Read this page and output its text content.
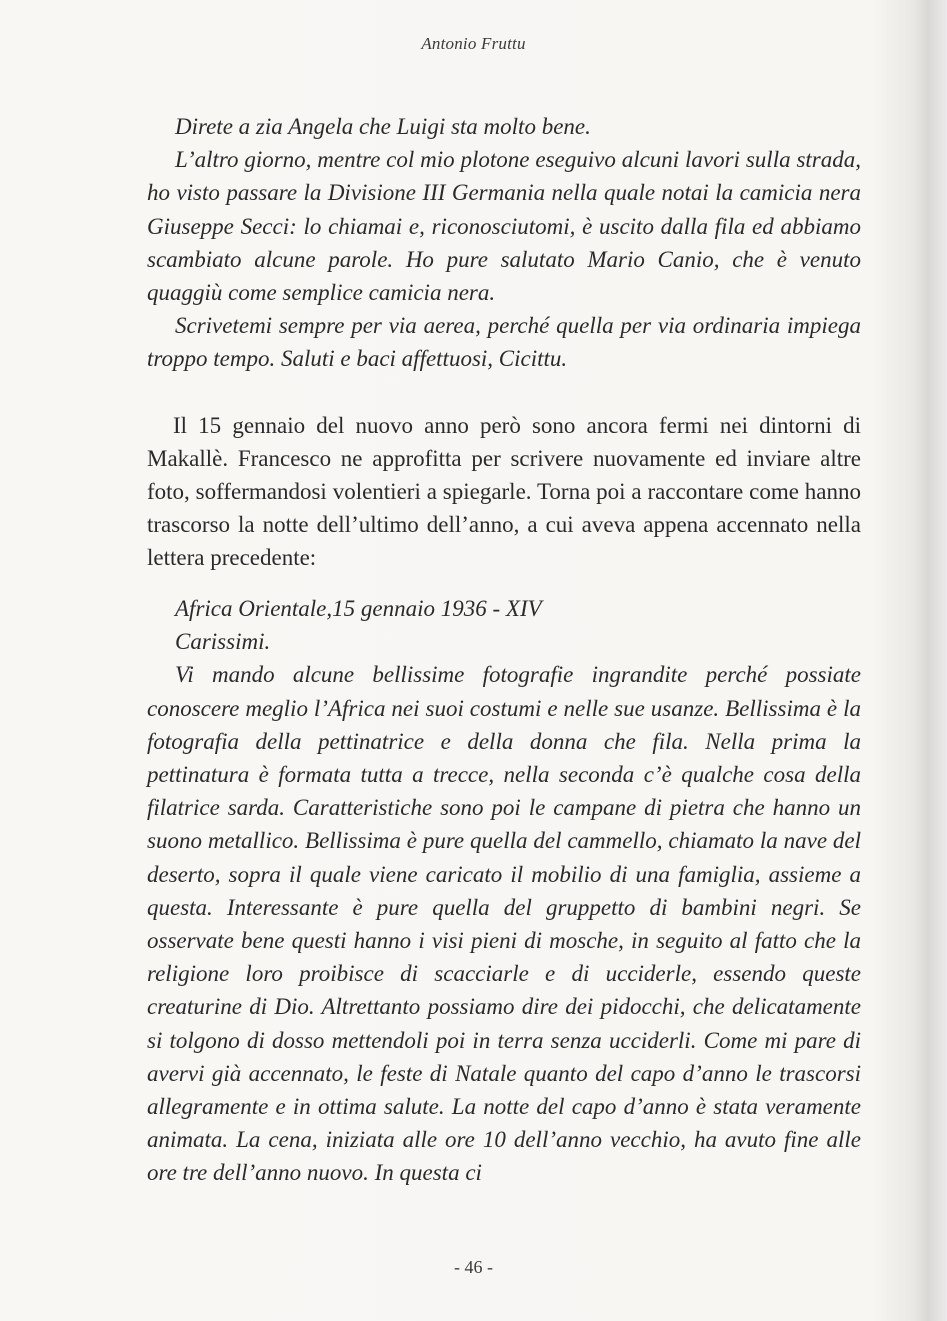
Antonio Fruttu

Direte a zia Angela che Luigi sta molto bene.

L’altro giorno, mentre col mio plotone eseguivo alcuni lavori sulla strada, ho visto passare la Divisione III Germania nella quale notai la camicia nera Giuseppe Secci: lo chiamai e, riconosciutomi, è uscito dalla fila ed abbiamo scambiato alcune parole. Ho pure salutato Mario Canio, che è venuto quaggiù come semplice camicia nera.

Scrivetemi sempre per via aerea, perché quella per via ordinaria impiega troppo tempo. Saluti e baci affettuosi, Cicittu.

Il 15 gennaio del nuovo anno però sono ancora fermi nei dintorni di Makallè. Francesco ne approfitta per scrivere nuovamente ed inviare altre foto, soffermandosi volentieri a spiegarle. Torna poi a raccontare come hanno trascorso la notte dell’ultimo dell’anno, a cui aveva appena accennato nella lettera precedente:

Africa Orientale,15 gennaio 1936 - XIV
Carissimi.

Vi mando alcune bellissime fotografie ingrandite perché possiate conoscere meglio l’Africa nei suoi costumi e nelle sue usanze. Bellissima è la fotografia della pettinatrice e della donna che fila. Nella prima la pettinatura è formata tutta a trecce, nella seconda c’è qualche cosa della filatrice sarda. Caratteristiche sono poi le campane di pietra che hanno un suono metallico. Bellissima è pure quella del cammello, chiamato la nave del deserto, sopra il quale viene caricato il mobilio di una famiglia, assieme a questa. Interessante è pure quella del gruppetto di bambini negri. Se osservate bene questi hanno i visi pieni di mosche, in seguito al fatto che la religione loro proibisce di scacciarle e di ucciderle, essendo queste creaturine di Dio. Altrettanto possiamo dire dei pidocchi, che delicatamente si tolgono di dosso mettendoli poi in terra senza ucciderli. Come mi pare di avervi già accennato, le feste di Natale quanto del capo d’anno le trascorsi allegramente e in ottima salute. La notte del capo d’anno è stata veramente animata. La cena, iniziata alle ore 10 dell’anno vecchio, ha avuto fine alle ore tre dell’anno nuovo. In questa ci

- 46 -
